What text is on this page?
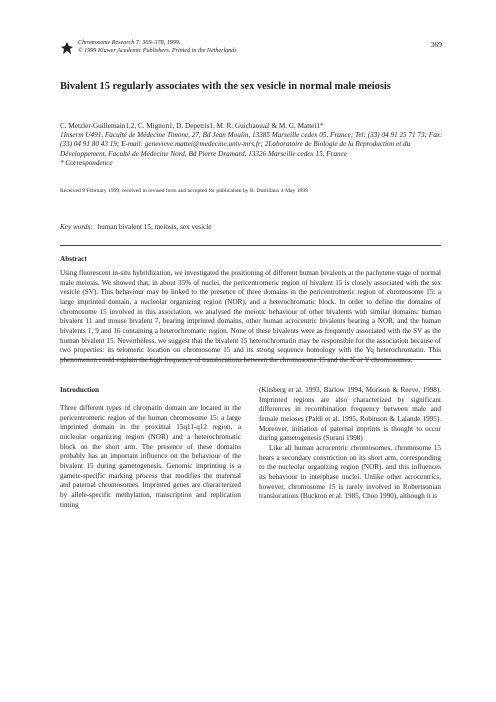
Chromosome Research 7: 369–378, 1999.
© 1999 Kluwer Academic Publishers. Printed in the Netherlands
369
Bivalent 15 regularly associates with the sex vesicle in normal male meiosis
C. Metzler-Guillemain1,2, C. Mignon1, D. Depetris1, M. R. Guichaoua2 & M. G. Mattei1*
1Inserm U491, Faculté de Médecine Timone, 27, Bd Jean Moulin, 13385 Marseille cedex 05, France; Tel: (33) 04 91 25 71 73; Fax: (33) 04 91 80 43 19; E-mail: genevieve.mattei@medecine.univ-mrs.fr; 2Laboratoire de Biologie de la Reproduction et du Développement, Faculté de Médecine Nord, Bd Pierre Dramard, 13326 Marseille cedex 15, France
* Correspondence
Received 9 February 1999; received in revised form and accepted for publication by B. Dutrillaux 4 May 1999
Key words: human bivalent 15, meiosis, sex vesicle
Abstract
Using fluorescent in-situ hybridization, we investigated the positioning of different human bivalents at the pachytene stage of normal male meiosis. We showed that, in about 35% of nuclei, the pericentromeric region of bivalent 15 is closely associated with the sex vesicle (SV). This behaviour may be linked to the presence of three domains in the pericentromeric region of chromosome 15: a large imprinted domain, a nucleolar organizing region (NOR), and a heterochromatic block. In order to define the domains of chromosome 15 involved in this association, we analysed the meiotic behaviour of other bivalents with similar domains: human bivalent 11 and mouse bivalent 7, bearing imprinted domains, other human acrocentric bivalents bearing a NOR, and the human bivalents 1, 9 and 16 containing a heterochromatic region. None of these bivalents were as frequently associated with the SV as the human bivalent 15. Nevertheless, we suggest that the bivalent 15 heterochromatin may be responsible for the association because of two properties: its telomeric location on chromosome 15 and its strong sequence homology with the Yq heterochromatin. This phenomenon could explain the high frequency of translocations between the chromosome 15 and the X or Y chromosomes.
Introduction
Three different types of chromatin domain are located in the pericentromeric region of the human chromosome 15: a large imprinted domain in the proximal 15q11-q12 region, a nucleolar organizing region (NOR) and a heterochromatic block on the short arm. The presence of these domains probably has an important influence on the behaviour of the bivalent 15 during gametogenesis. Genomic imprinting is a gamete-specific marking process that modifies the maternal and paternal chromosomes. Imprinted genes are characterized by allele-specific methylation, transcription and replication timing

(Kitsberg et al. 1993, Barlow 1994, Morison & Reeve, 1998). Imprinted regions are also characterized by significant differences in recombination frequency between male and female meioses (Paldi et al. 1995, Robinson & Lalande 1995). Moreover, initiation of paternal imprints is thought to occur during gametogenesis (Surani 1998)

Like all human acrocentric chromosomes, chromosome 15 bears a secondary constriction on its short arm, corresponding to the nucleolar organizing region (NOR), and this influences its behaviour in interphase nuclei. Unlike other acrocentrics, however, chromosome 15 is rarely involved in Robertsonian translocations (Buckton et al. 1985, Choo 1990), although it is
